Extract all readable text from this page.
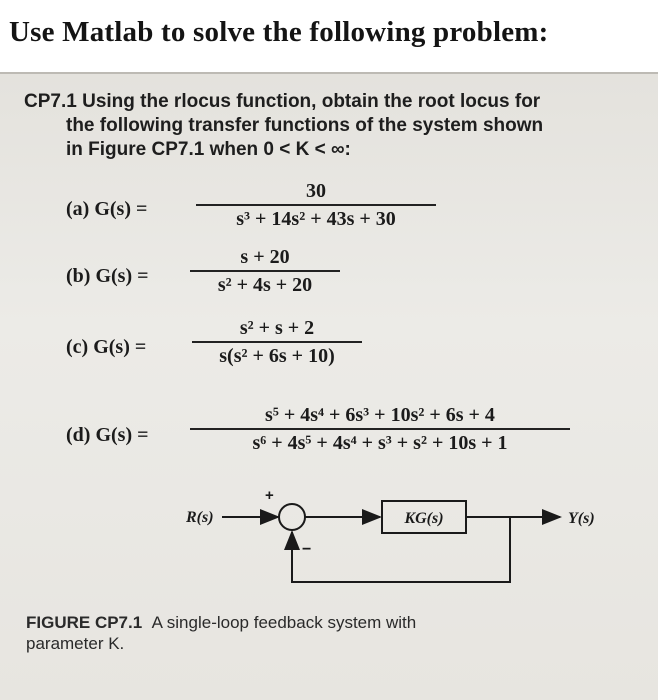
Use Matlab to solve the following problem:
CP7.1 Using the rlocus function, obtain the root locus for
the following transfer functions of the system shown
in Figure CP7.1 when 0 < K < ∞:
(a) $G(s) = \frac{30}{\text{s³ + 14s² + 43s + 30}}$
(b) $G(s) = \frac{s + 20}{\text{s² + 4s + 20}}$
(c) $G(s) = \frac{\text{s² + s + 2}}{\text{s(s² + 6s + 10)}}$
(d) $G(s) = \frac{\text{s⁵ + 4s⁴ + 6s³ + 10s² + 6s + 4}}{\text{s⁶ + 4s⁵ + 4s⁴ + s³ + s² + 10s + 1}}$
R(s)
+
KG(s)	Y(s)
−
FIGURE CP7.1 A single-loop feedback system with
parameter K.
